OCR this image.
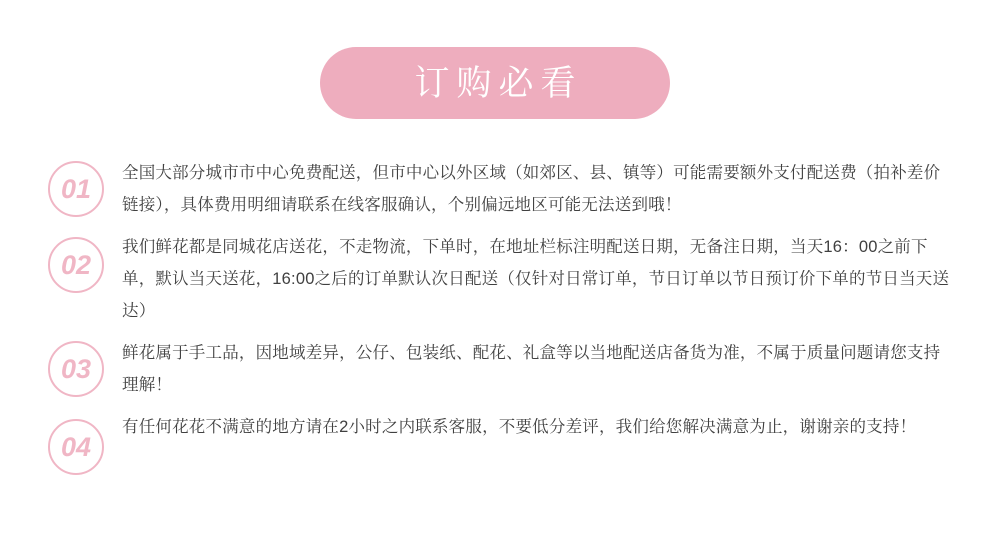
订购必看
01
全国大部分城市市中心免费配送，但市中心以外区域（如郊区、县、镇等）可能需要额外支付配送费（拍补差价链接），具体费用明细请联系在线客服确认，个别偏远地区可能无法送到哦！
02
我们鲜花都是同城花店送花，不走物流，下单时，在地址栏标注明配送日期，无备注日期，当天16：00之前下单，默认当天送花，16:00之后的订单默认次日配送（仅针对日常订单，节日订单以节日预订价下单的节日当天送达）
03
鲜花属于手工品，因地域差异，公仔、包装纸、配花、礼盒等以当地配送店备货为准，不属于质量问题请您支持理解！
04
有任何花花不满意的地方请在2小时之内联系客服，不要低分差评，我们给您解决满意为止，谢谢亲的支持！
